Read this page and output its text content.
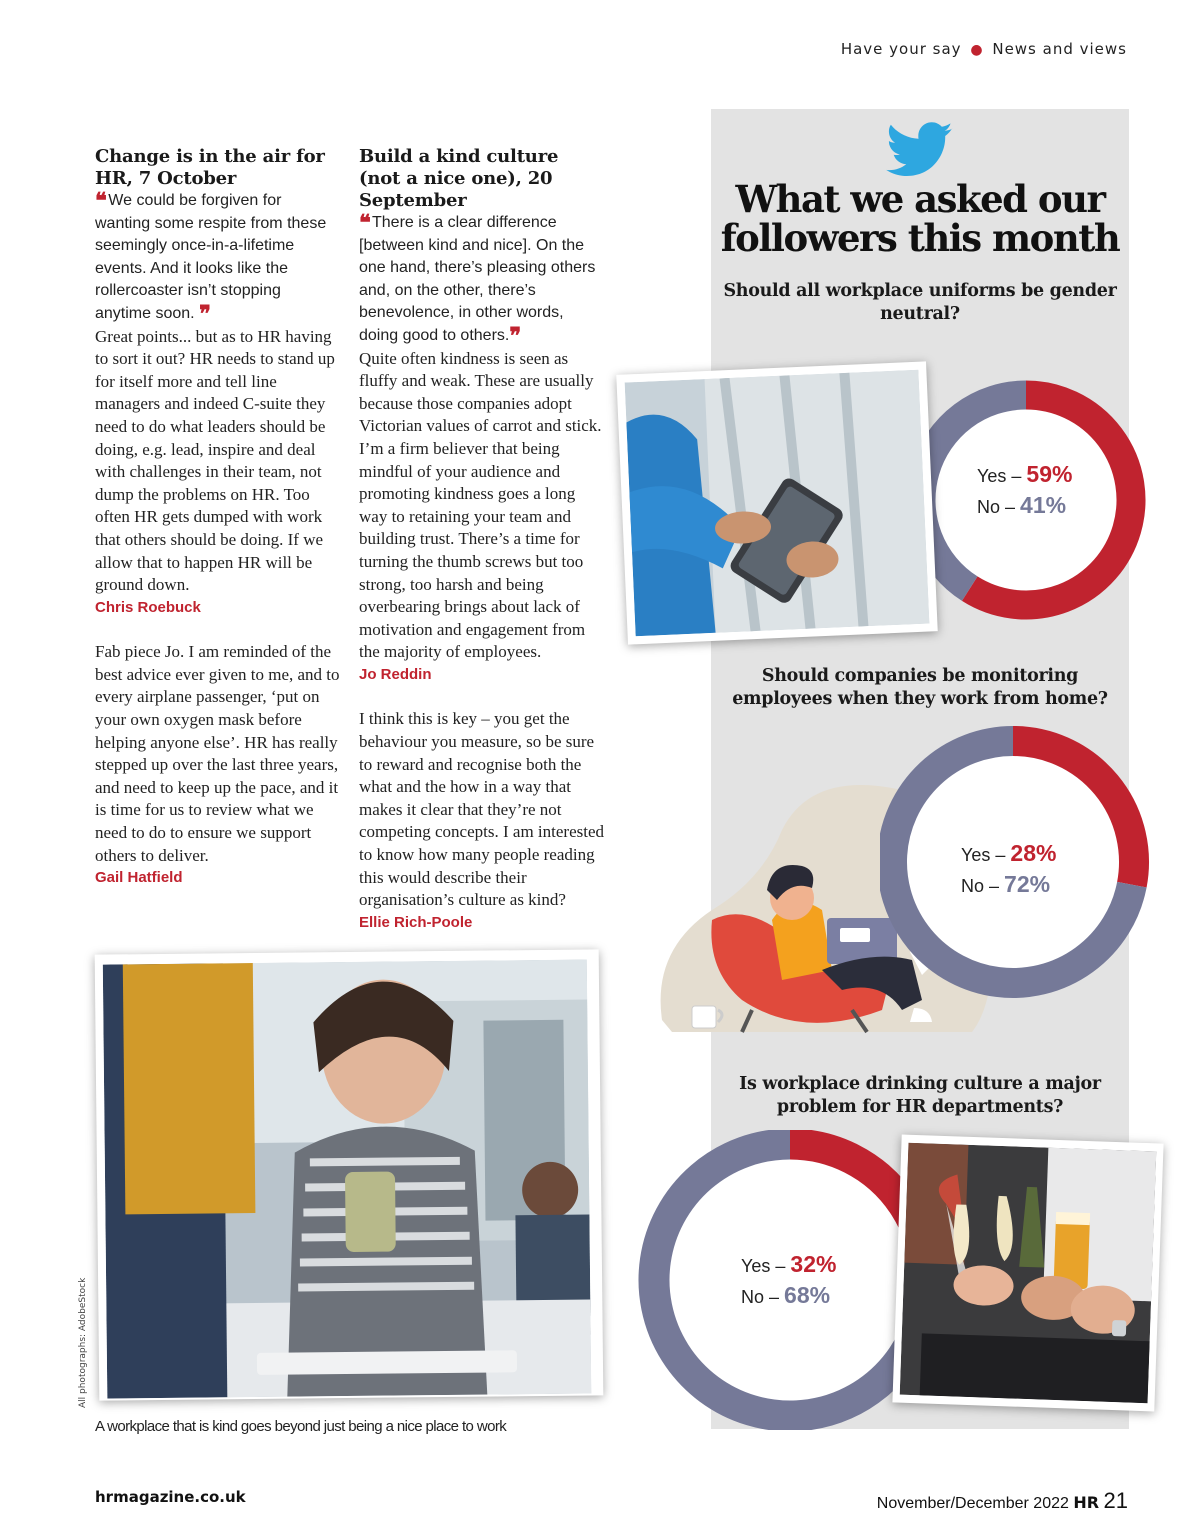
Have your say ● News and views

Change is in the air for HR, 7 October

❝ We could be forgiven for wanting some respite from these seemingly once-in-a-lifetime events. And it looks like the rollercoaster isn’t stopping anytime soon. ❞

Great points... but as to HR having to sort it out? HR needs to stand up for itself more and tell line managers and indeed C-suite they need to do what leaders should be doing, e.g. lead, inspire and deal with challenges in their team, not dump the problems on HR. Too often HR gets dumped with work that others should be doing. If we allow that to happen HR will be ground down.

Chris Roebuck

Fab piece Jo. I am reminded of the best advice ever given to me, and to every airplane passenger, ‘put on your own oxygen mask before helping anyone else’. HR has really stepped up over the last three years, and need to keep up the pace, and it is time for us to review what we need to do to ensure we support others to deliver.

Gail Hatfield

Build a kind culture (not a nice one), 20 September

❝ There is a clear difference [between kind and nice]. On the one hand, there’s pleasing others and, on the other, there’s benevolence, in other words, doing good to others.❞

Quite often kindness is seen as fluffy and weak. These are usually because those companies adopt Victorian values of carrot and stick. I’m a firm believer that being mindful of your audience and promoting kindness goes a long way to retaining your team and building trust. There’s a time for turning the thumb screws but too strong, too harsh and being overbearing brings about lack of motivation and engagement from the majority of employees.

Jo Reddin

I think this is key – you get the behaviour you measure, so be sure to reward and recognise both the what and the how in a way that makes it clear that they’re not competing concepts. I am interested to know how many people reading this would describe their organisation’s culture as kind?

Ellie Rich-Poole

A workplace that is kind goes beyond just being a nice place to work
All photographs: AdobeStock
What we asked our
followers this month
Should all workplace uniforms be gender neutral?
Yes – 59%
No – 41%
Should companies be monitoring employees when they work from home?
Yes – 28%
No – 72%
Is workplace drinking culture a major problem for HR departments?
Yes – 32%
No – 68%
hrmagazine.co.uk	November/December 2022 HR 21
